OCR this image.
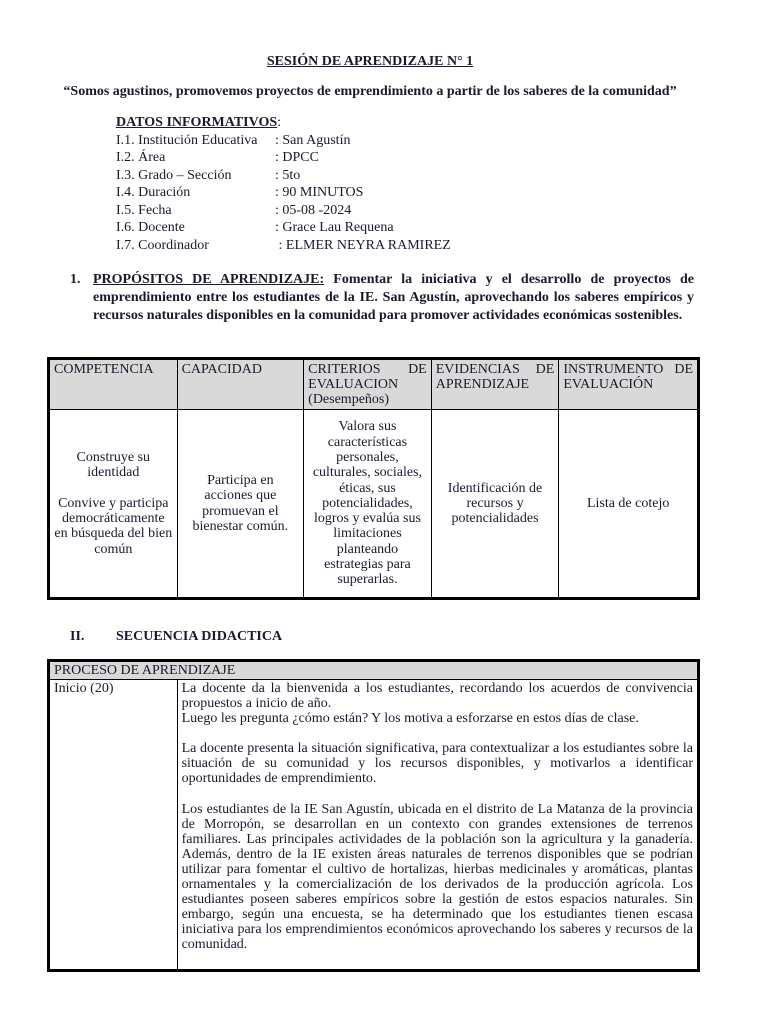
SESIÓN DE APRENDIZAJE N° 1
“Somos agustinos, promovemos proyectos de emprendimiento a partir de los saberes de la comunidad”
DATOS INFORMATIVOS:
I.1. Institución Educativa	: San Agustín
I.2. Área	: DPCC
I.3. Grado – Sección	: 5to
I.4. Duración	: 90 MINUTOS
I.5. Fecha	: 05-08 -2024
I.6. Docente	: Grace Lau Requena
I.7. Coordinador	: ELMER NEYRA RAMIREZ
1. PROPÓSITOS DE APRENDIZAJE: Fomentar la iniciativa y el desarrollo de proyectos de emprendimiento entre los estudiantes de la IE. San Agustín, aprovechando los saberes empíricos y recursos naturales disponibles en la comunidad para promover actividades económicas sostenibles.
COMPETENCIA	CAPACIDAD	CRITERIOS DE EVALUACION (Desempeños)	EVIDENCIAS DE APRENDIZAJE	INSTRUMENTO DE EVALUACIÓN

Construye su identidad
Convive y participa democráticamente en búsqueda del bien común	Participa en acciones que promuevan el bienestar común.	Valora sus características personales, culturales, sociales, éticas, sus potencialidades, logros y evalúa sus limitaciones planteando estrategias para superarlas.	Identificación de recursos y potencialidades	Lista de cotejo
II.	SECUENCIA DIDACTICA
PROCESO DE APRENDIZAJE
Inicio (20)	La docente da la bienvenida a los estudiantes, recordando los acuerdos de convivencia propuestos a inicio de año.
Luego les pregunta ¿cómo están? Y los motiva a esforzarse en estos días de clase.

La docente presenta la situación significativa, para contextualizar a los estudiantes sobre la situación de su comunidad y los recursos disponibles, y motivarlos a identificar oportunidades de emprendimiento.

Los estudiantes de la IE San Agustín, ubicada en el distrito de La Matanza de la provincia de Morropón, se desarrollan en un contexto con grandes extensiones de terrenos familiares. Las principales actividades de la población son la agricultura y la ganadería. Además, dentro de la IE existen áreas naturales de terrenos disponibles que se podrían utilizar para fomentar el cultivo de hortalizas, hierbas medicinales y aromáticas, plantas ornamentales y la comercialización de los derivados de la producción agrícola. Los estudiantes poseen saberes empíricos sobre la gestión de estos espacios naturales. Sin embargo, según una encuesta, se ha determinado que los estudiantes tienen escasa iniciativa para los emprendimientos económicos aprovechando los saberes y recursos de la comunidad.
